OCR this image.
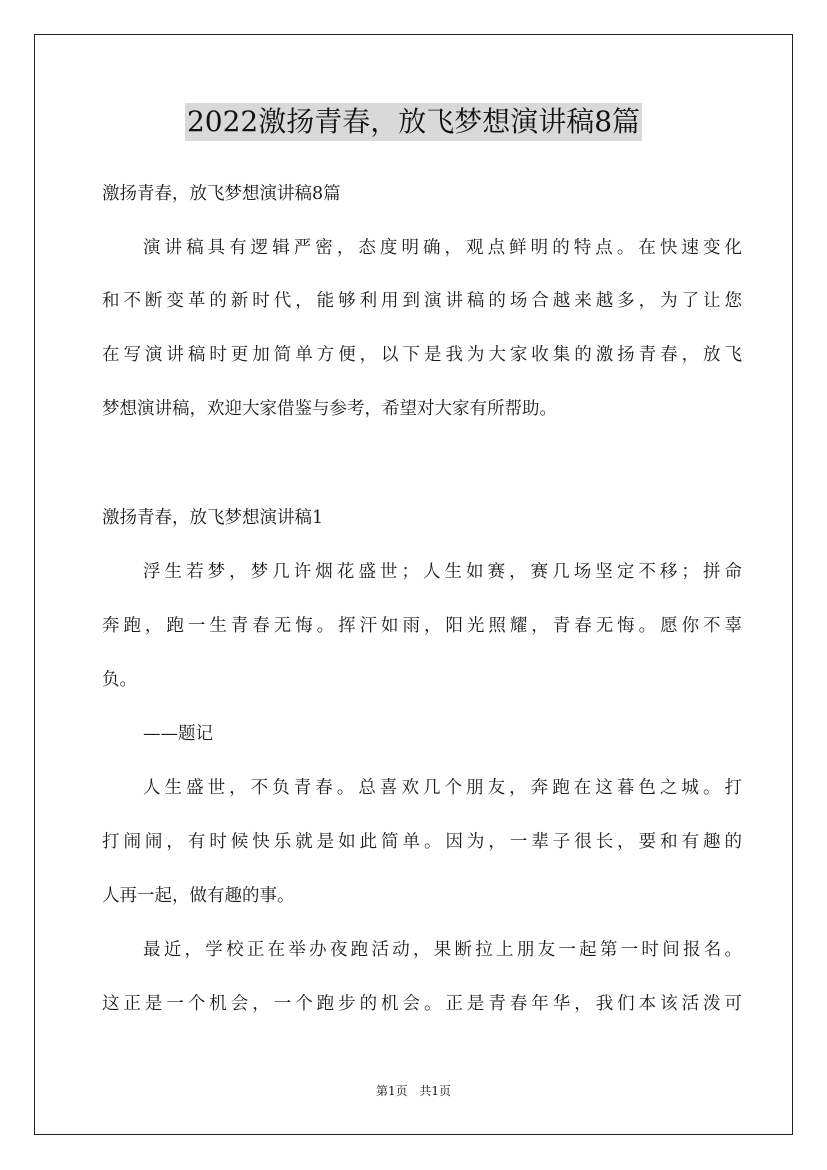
2022激扬青春，放飞梦想演讲稿8篇
激扬青春，放飞梦想演讲稿8篇
演讲稿具有逻辑严密，态度明确，观点鲜明的特点。在快速变化
和不断变革的新时代，能够利用到演讲稿的场合越来越多，为了让您
在写演讲稿时更加简单方便，以下是我为大家收集的激扬青春，放飞
梦想演讲稿，欢迎大家借鉴与参考，希望对大家有所帮助。
激扬青春，放飞梦想演讲稿1
浮生若梦，梦几许烟花盛世；人生如赛，赛几场坚定不移；拼命
奔跑，跑一生青春无悔。挥汗如雨，阳光照耀，青春无悔。愿你不辜
负。
——题记
人生盛世，不负青春。总喜欢几个朋友，奔跑在这暮色之城。打
打闹闹，有时候快乐就是如此简单。因为，一辈子很长，要和有趣的
人再一起，做有趣的事。
最近，学校正在举办夜跑活动，果断拉上朋友一起第一时间报名。
这正是一个机会，一个跑步的机会。正是青春年华，我们本该活泼可
第1页 共1页
